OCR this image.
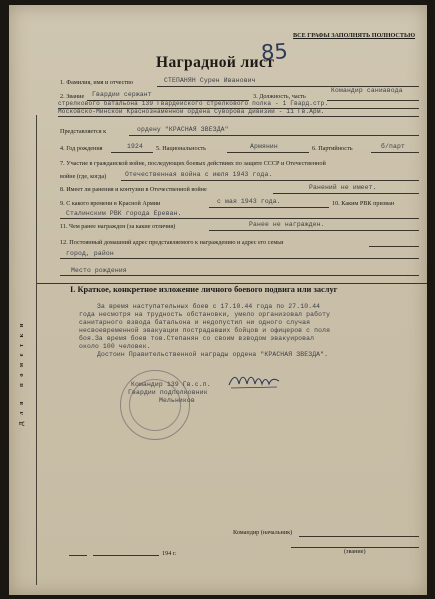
ВСЕ ГРАФЫ ЗАПОЛНЯТЬ ПОЛНОСТЬЮ
85
Наградной лист
Для пометки
1. Фамилия, имя и отчество	СТЕПАНЯН Сурен Иванович
2. Звание Гвардии сержант	3. Должность, часть
Командир саниавода
стрелкового батальона 139 Гвардейского стрелкового полка - 1 Гвард.стр.
Московско-Минской Краснознаменной ордена Суворова дивизии - 11 Гв.Арм.
Представляется к	ордену "КРАСНАЯ ЗВЕЗДА"
4. Год рождения	1924 5. Национальность	Армянин	6. Партийность	б/парт
7. Участие в гражданской войне, последующих боевых действиях по защите СССР и Отечественной
войне (где, когда)	Отечественная война с июля 1943 года.
8. Имеет ли ранения и контузии в Отечественной войне	Ранений не имеет.
9. С какого времени в Красной Армии	с мая 1943 года.	10. Каким РВК призван
Сталинским РВК города Ереван.
11. Чем ранее награжден (за какие отличия)	Ранее не награжден.
12. Постоянный домашний адрес представляемого к награждению и адрес его семьи
город, район
Место рождения
I. Краткое, конкретное изложение личного боевого подвига или заслуг
За время наступательных боев с 17.10.44 года по 27.10.44
года несмотря на трудность обстановки, умело организовал работу
санитарного взвода батальона и недопустил ни одного случая
несвоевременной эвакуации пострадавших бойцов и офицеров с поля
боя.За время боев тов.Степанян со своим взводом эвакуировал
около 100 человек.
Достоин Правительственной награды ордена "КРАСНАЯ ЗВЕЗДА".
Командир 139 Гв.с.п.
Гвардии подполковник
Мельников
Командир (начальник)
(звание)
194 г.
